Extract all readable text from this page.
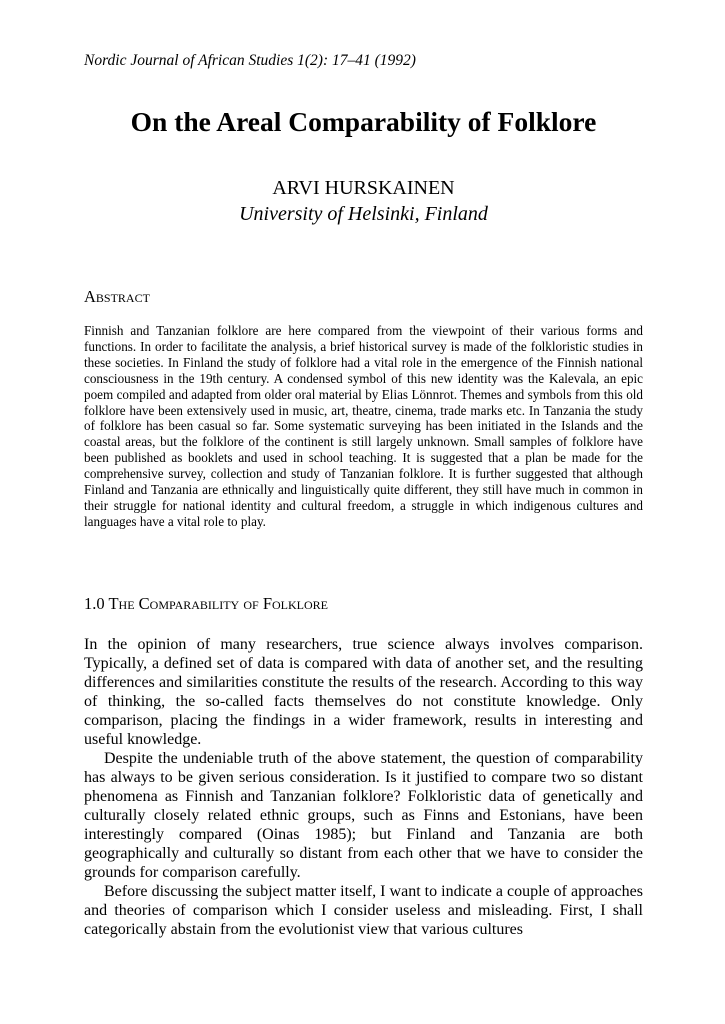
Nordic Journal of African Studies 1(2): 17–41 (1992)
On the Areal Comparability of Folklore
ARVI HURSKAINEN
University of Helsinki, Finland
Abstract

Finnish and Tanzanian folklore are here compared from the viewpoint of their various forms and functions. In order to facilitate the analysis, a brief historical survey is made of the folkloristic studies in these societies. In Finland the study of folklore had a vital role in the emergence of the Finnish national consciousness in the 19th century. A condensed symbol of this new identity was the Kalevala, an epic poem compiled and adapted from older oral material by Elias Lönnrot. Themes and symbols from this old folklore have been extensively used in music, art, theatre, cinema, trade marks etc. In Tanzania the study of folklore has been casual so far. Some systematic surveying has been initiated in the Islands and the coastal areas, but the folklore of the continent is still largely unknown. Small samples of folklore have been published as booklets and used in school teaching. It is suggested that a plan be made for the comprehensive survey, collection and study of Tanzanian folklore. It is further suggested that although Finland and Tanzania are ethnically and linguistically quite different, they still have much in common in their struggle for national identity and cultural freedom, a struggle in which indigenous cultures and languages have a vital role to play.

1.0 The Comparability of Folklore

In the opinion of many researchers, true science always involves comparison. Typically, a defined set of data is compared with data of another set, and the resulting differences and similarities constitute the results of the research. According to this way of thinking, the so-called facts themselves do not constitute knowledge. Only comparison, placing the findings in a wider framework, results in interesting and useful knowledge.

Despite the undeniable truth of the above statement, the question of comparability has always to be given serious consideration. Is it justified to compare two so distant phenomena as Finnish and Tanzanian folklore? Folkloristic data of genetically and culturally closely related ethnic groups, such as Finns and Estonians, have been interestingly compared (Oinas 1985); but Finland and Tanzania are both geographically and culturally so distant from each other that we have to consider the grounds for comparison carefully.

Before discussing the subject matter itself, I want to indicate a couple of approaches and theories of comparison which I consider useless and misleading. First, I shall categorically abstain from the evolutionist view that various cultures
